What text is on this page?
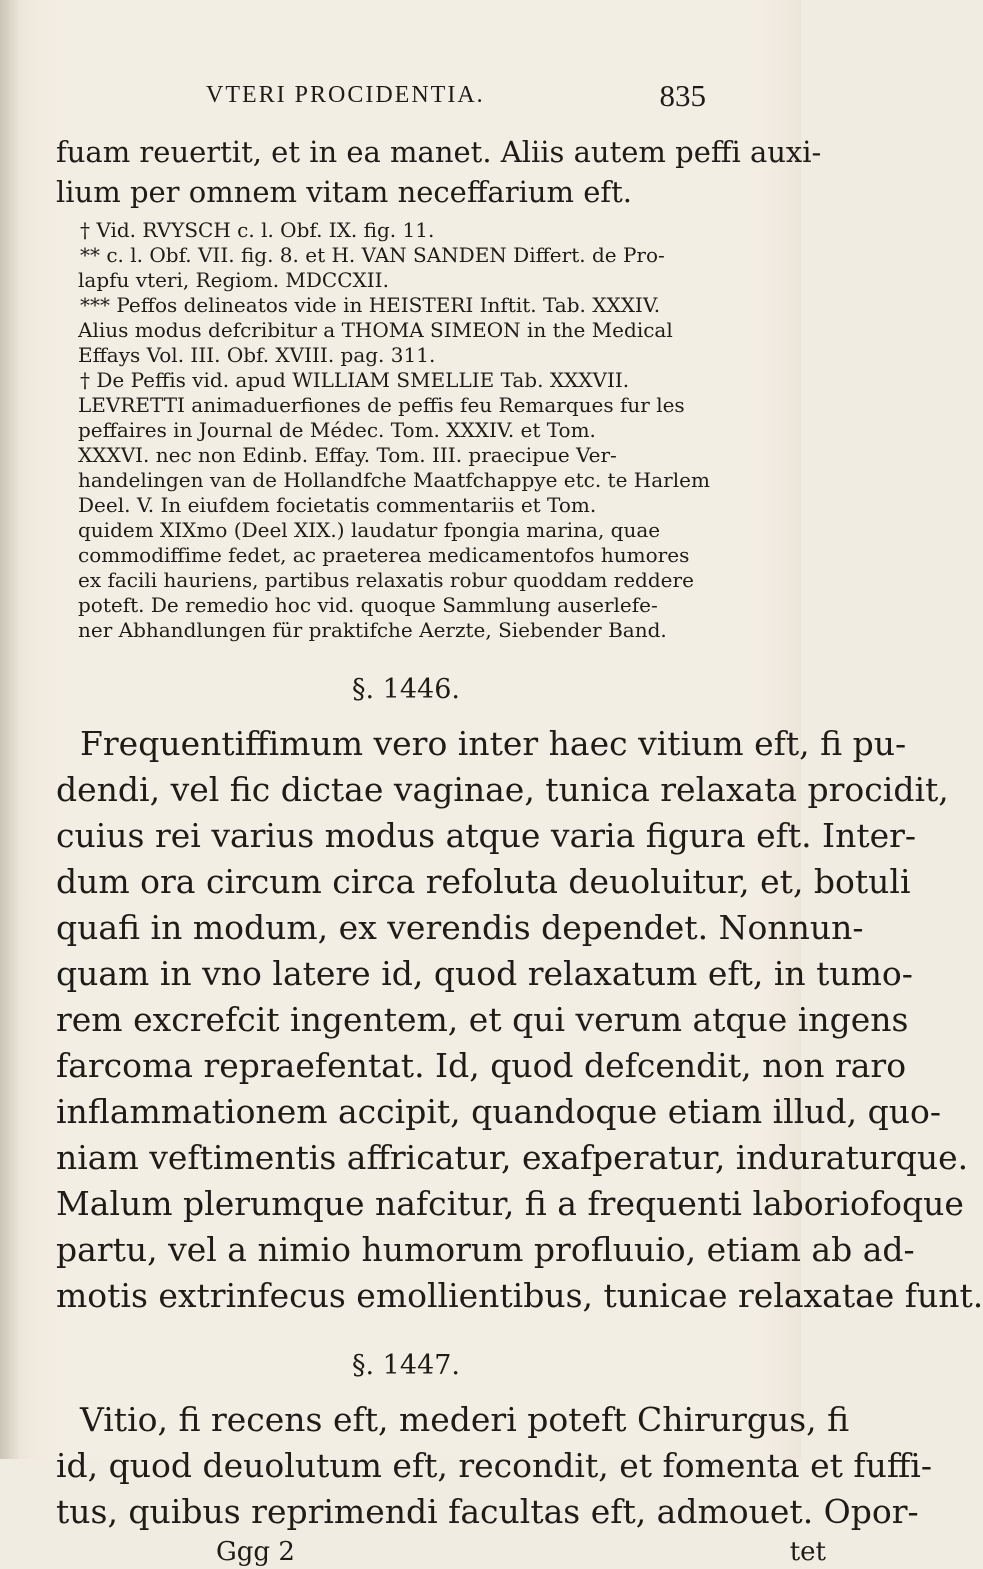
VTERI PROCIDENTIA.	835
fuam reuertit, et in ea manet. Aliis autem peffi auxi-
lium per omnem vitam neceffarium eft.
† Vid. RVYSCH c. l. Obf. IX. fig. 11.
** c. l. Obf. VII. fig. 8. et H. VAN SANDEN Differt. de Pro-
lapfu vteri, Regiom. MDCCXII.
*** Peffos delineatos vide in HEISTERI Inftit. Tab. XXXIV.
Alius modus defcribitur a THOMA SIMEON in the Medical
Effays Vol. III. Obf. XVIII. pag. 311.
† De Peffis vid. apud WILLIAM SMELLIE Tab. XXXVII.
LEVRETTI animaduerfiones de peffis feu Remarques fur les
peffaires in Journal de Médec. Tom. XXXIV. et Tom.
XXXVI. nec non Edinb. Effay. Tom. III. praecipue Ver-
handelingen van de Hollandfche Maatfchappye etc. te Harlem
Deel. V. In eiufdem focietatis commentariis et Tom.
quidem XIXmo (Deel XIX.) laudatur fpongia marina, quae
commodiffime fedet, ac praeterea medicamentofos humores
ex facili hauriens, partibus relaxatis robur quoddam reddere
poteft. De remedio hoc vid. quoque Sammlung auserlefe-
ner Abhandlungen für praktifche Aerzte, Siebender Band.
§. 1446.
Frequentiffimum vero inter haec vitium eft, fi pu-
dendi, vel fic dictae vaginae, tunica relaxata procidit,
cuius rei varius modus atque varia figura eft. Inter-
dum ora circum circa refoluta deuoluitur, et, botuli
quafi in modum, ex verendis dependet. Nonnun-
quam in vno latere id, quod relaxatum eft, in tumo-
rem excrefcit ingentem, et qui verum atque ingens
farcoma repraefentat. Id, quod defcendit, non raro
inflammationem accipit, quandoque etiam illud, quo-
niam veftimentis affricatur, exafperatur, induraturque.
Malum plerumque nafcitur, fi a frequenti laboriofoque
partu, vel a nimio humorum profluuio, etiam ab ad-
motis extrinfecus emollientibus, tunicae relaxatae funt.
§. 1447.
Vitio, fi recens eft, mederi poteft Chirurgus, fi
id, quod deuolutum eft, recondit, et fomenta et fuffi-
tus, quibus reprimendi facultas eft, admouet. Opor-
Ggg 2	tet
